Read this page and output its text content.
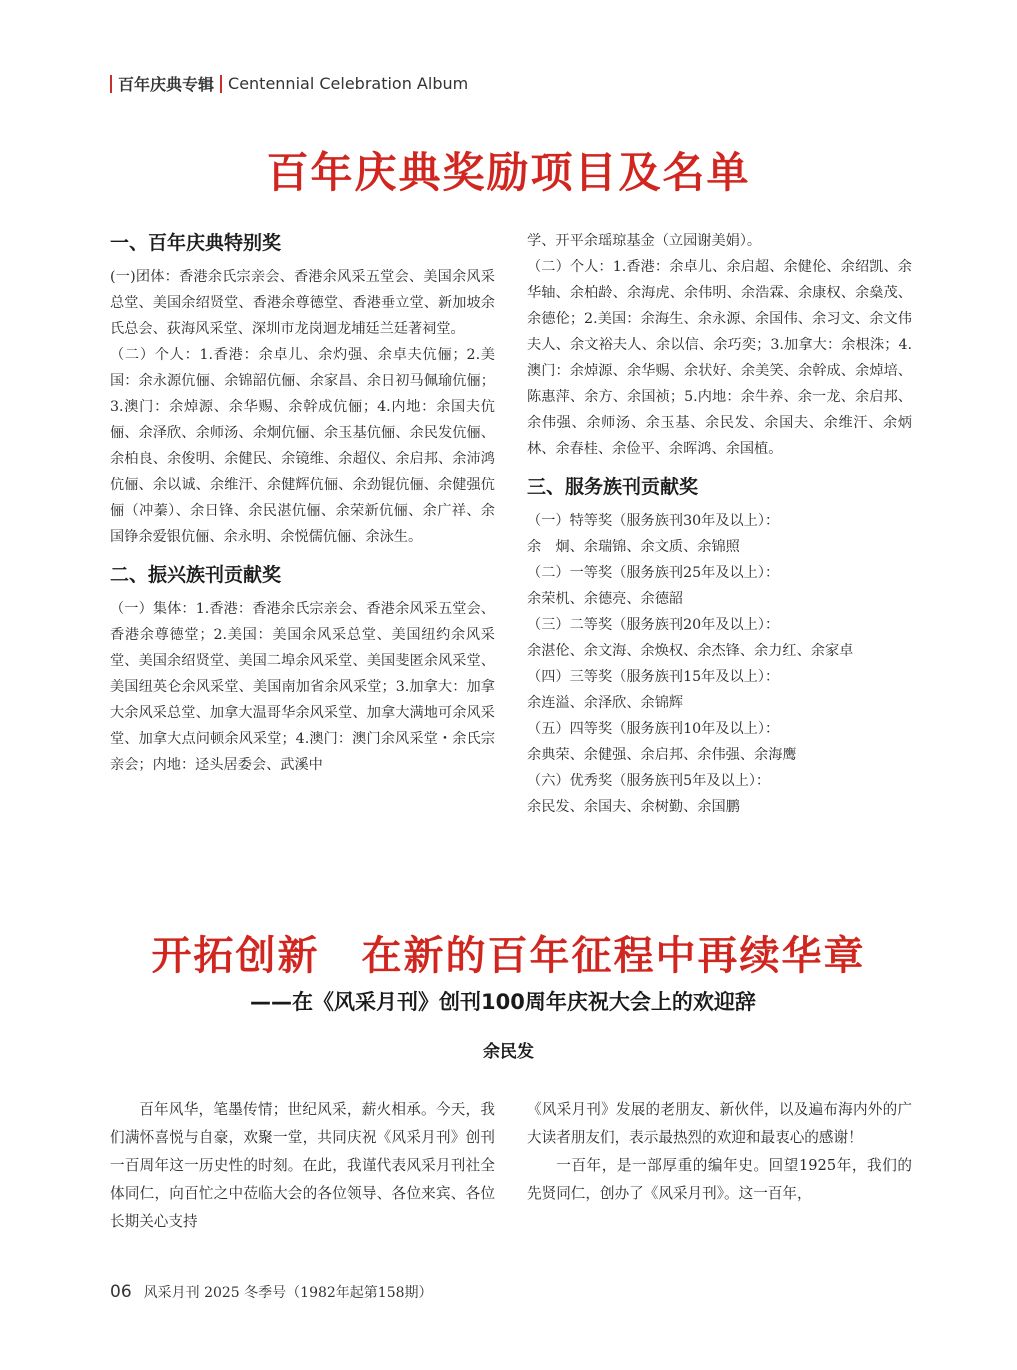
百年庆典专辑 Centennial Celebration Album
百年庆典奖励项目及名单
一、百年庆典特别奖

(一)团体：香港余氏宗亲会、香港余风采五堂会、美国余风采总堂、美国余绍贤堂、香港余尊德堂、香港垂立堂、新加坡余氏总会、荻海风采堂、深圳市龙岗迴龙埔廷兰廷著祠堂。

（二）个人：1.香港：余卓儿、余灼强、余卓夫伉俪；2.美国：余永源伉俪、余锦韶伉俪、余家昌、余日初马佩瑜伉俪；3.澳门：余焯源、余华赐、余幹成伉俪；4.内地：余国夫伉俪、余泽欣、余师汤、余炯伉俪、余玉基伉俪、余民发伉俪、余柏良、余俊明、余健民、余镜维、余超仪、余启邦、余沛鸿伉俪、余以诚、余维汗、余健辉伉俪、余劲锟伉俪、余健强伉俪（冲蓁）、余日锋、余民湛伉俪、余荣新伉俪、余广祥、余国铮余爱银伉俪、余永明、余悦儒伉俪、余泳生。

二、振兴族刊贡献奖

（一）集体：1.香港：香港余氏宗亲会、香港余风采五堂会、香港余尊德堂；2.美国：美国余风采总堂、美国纽约余风采堂、美国余绍贤堂、美国二埠余风采堂、美国斐匿余风采堂、美国纽英仑余风采堂、美国南加省余风采堂；3.加拿大：加拿大余风采总堂、加拿大温哥华余风采堂、加拿大满地可余风采堂、加拿大点问顿余风采堂；4.澳门：澳门余风采堂・余氏宗亲会；内地：迳头居委会、武溪中

学、开平余瑶琼基金（立园谢美娟）。

（二）个人：1.香港：余卓儿、余启超、余健伦、余绍凯、余华轴、余柏龄、余海虎、余伟明、余浩霖、余康权、余燊茂、余德伦；2.美国：余海生、余永源、余国伟、余习文、余文伟夫人、余文裕夫人、余以信、余巧奕；3.加拿大：余根洙；4.澳门：余焯源、余华赐、余状好、余美笑、余幹成、余焯培、陈惠萍、余方、余国祯；5.内地：余牛养、余一龙、余启邦、余伟强、余师汤、余玉基、余民发、余国夫、余维汗、余炳林、余春桂、余俭平、余晖鸿、余国植。

三、服务族刊贡献奖

（一）特等奖（服务族刊30年及以上）：

余　炯、余瑞锦、余文质、余锦照

（二）一等奖（服务族刊25年及以上）：

余荣机、余德亮、余德韶

（三）二等奖（服务族刊20年及以上）：

余湛伦、余文海、余焕权、余杰锋、余力红、余家卓

（四）三等奖（服务族刊15年及以上）：

余连溢、余泽欣、余锦辉

（五）四等奖（服务族刊10年及以上）：

余典荣、余健强、余启邦、余伟强、余海鹰

（六）优秀奖（服务族刊5年及以上）：

余民发、余国夫、余树勤、余国鹏

开拓创新　在新的百年征程中再续华章
——在《风采月刊》创刊100周年庆祝大会上的欢迎辞
余民发

百年风华，笔墨传情；世纪风采，薪火相承。今天，我们满怀喜悦与自豪，欢聚一堂，共同庆祝《风采月刊》创刊一百周年这一历史性的时刻。在此，我谨代表风采月刊社全体同仁，向百忙之中莅临大会的各位领导、各位来宾、各位长期关心支持

《风采月刊》发展的老朋友、新伙伴，以及遍布海内外的广大读者朋友们，表示最热烈的欢迎和最衷心的感谢！

一百年，是一部厚重的编年史。回望1925年，我们的先贤同仁，创办了《风采月刊》。这一百年，

06 风采月刊 2025 冬季号（1982年起第158期）
